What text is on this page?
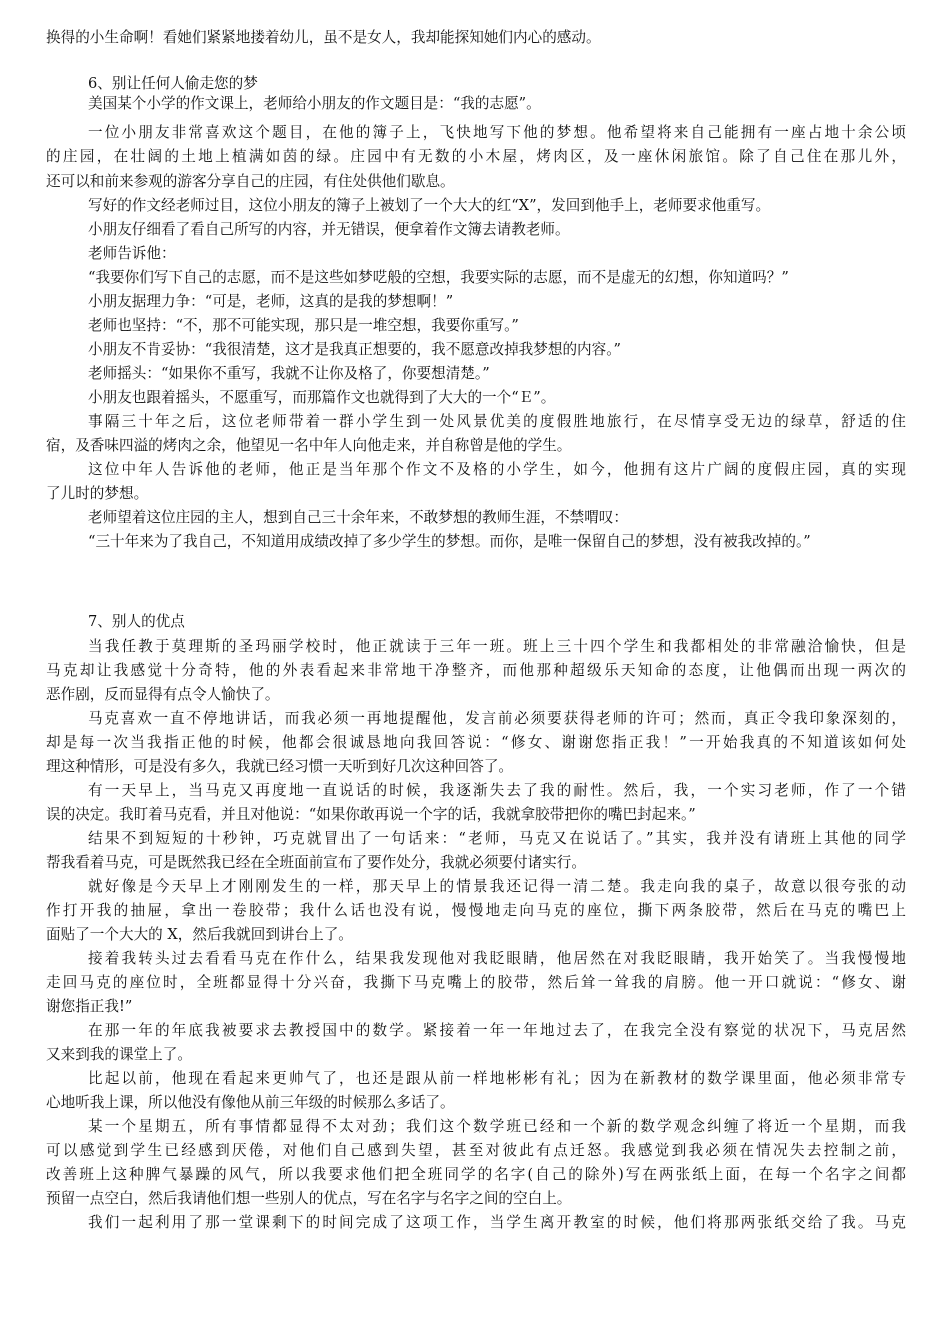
换得的小生命啊！看她们紧紧地搂着幼儿，虽不是女人，我却能探知她们内心的感动。
6、别让任何人偷走您的梦
美国某个小学的作文课上，老师给小朋友的作文题目是：“我的志愿”。
一位小朋友非常喜欢这个题目，在他的簿子上，飞快地写下他的梦想。他希望将来自己能拥有一座占地十余公顷
的庄园，在壮阔的土地上植满如茵的绿。庄园中有无数的小木屋，烤肉区，及一座休闲旅馆。除了自己住在那儿外，
还可以和前来参观的游客分享自己的庄园，有住处供他们歇息。
写好的作文经老师过目，这位小朋友的簿子上被划了一个大大的红“X”，发回到他手上，老师要求他重写。
小朋友仔细看了看自己所写的内容，并无错误，便拿着作文簿去请教老师。
老师告诉他：
“我要你们写下自己的志愿，而不是这些如梦呓般的空想，我要实际的志愿，而不是虚无的幻想，你知道吗？”
小朋友据理力争：“可是，老师，这真的是我的梦想啊！”
老师也坚持：“不，那不可能实现，那只是一堆空想，我要你重写。”
小朋友不肯妥协：“我很清楚，这才是我真正想要的，我不愿意改掉我梦想的内容。”
老师摇头：“如果你不重写，我就不让你及格了，你要想清楚。”
小朋友也跟着摇头，不愿重写，而那篇作文也就得到了大大的一个“Ｅ”。
事隔三十年之后，这位老师带着一群小学生到一处风景优美的度假胜地旅行，在尽情享受无边的绿草，舒适的住
宿，及香味四溢的烤肉之余，他望见一名中年人向他走来，并自称曾是他的学生。
这位中年人告诉他的老师，他正是当年那个作文不及格的小学生，如今，他拥有这片广阔的度假庄园，真的实现
了儿时的梦想。
老师望着这位庄园的主人，想到自己三十余年来，不敢梦想的教师生涯，不禁喟叹：
“三十年来为了我自己，不知道用成绩改掉了多少学生的梦想。而你，是唯一保留自己的梦想，没有被我改掉的。”
7、别人的优点
当我任教于莫理斯的圣玛丽学校时，他正就读于三年一班。班上三十四个学生和我都相处的非常融洽愉快，但是
马克却让我感觉十分奇特，他的外表看起来非常地干净整齐，而他那种超级乐天知命的态度，让他偶而出现一两次的
恶作剧，反而显得有点令人愉快了。
马克喜欢一直不停地讲话，而我必须一再地提醒他，发言前必须要获得老师的许可；然而，真正令我印象深刻的，
却是每一次当我指正他的时候，他都会很诚恳地向我回答说：“修女、谢谢您指正我！”一开始我真的不知道该如何处
理这种情形，可是没有多久，我就已经习惯一天听到好几次这种回答了。
有一天早上，当马克又再度地一直说话的时候，我逐渐失去了我的耐性。然后，我，一个实习老师，作了一个错
误的决定。我盯着马克看，并且对他说：“如果你敢再说一个字的话，我就拿胶带把你的嘴巴封起来。”
结果不到短短的十秒钟，巧克就冒出了一句话来：“老师，马克又在说话了。”其实，我并没有请班上其他的同学
帮我看着马克，可是既然我已经在全班面前宣布了要作处分，我就必须要付诸实行。
就好像是今天早上才刚刚发生的一样，那天早上的情景我还记得一清二楚。我走向我的桌子，故意以很夸张的动
作打开我的抽屉，拿出一卷胶带；我什么话也没有说，慢慢地走向马克的座位，撕下两条胶带，然后在马克的嘴巴上
面贴了一个大大的 X，然后我就回到讲台上了。
接着我转头过去看看马克在作什么，结果我发现他对我眨眼睛，他居然在对我眨眼睛，我开始笑了。当我慢慢地
走回马克的座位时，全班都显得十分兴奋，我撕下马克嘴上的胶带，然后耸一耸我的肩膀。他一开口就说：“修女、谢
谢您指正我!”
在那一年的年底我被要求去教授国中的数学。紧接着一年一年地过去了，在我完全没有察觉的状况下，马克居然
又来到我的课堂上了。
比起以前，他现在看起来更帅气了，也还是跟从前一样地彬彬有礼；因为在新教材的数学课里面，他必须非常专
心地听我上课，所以他没有像他从前三年级的时候那么多话了。
某一个星期五，所有事情都显得不太对劲；我们这个数学班已经和一个新的数学观念纠缠了将近一个星期，而我
可以感觉到学生已经感到厌倦，对他们自己感到失望，甚至对彼此有点迁怒。我感觉到我必须在情况失去控制之前，
改善班上这种脾气暴躁的风气，所以我要求他们把全班同学的名字(自己的除外)写在两张纸上面，在每一个名字之间都
预留一点空白，然后我请他们想一些别人的优点，写在名字与名字之间的空白上。
我们一起利用了那一堂课剩下的时间完成了这项工作，当学生离开教室的时候，他们将那两张纸交给了我。马克
